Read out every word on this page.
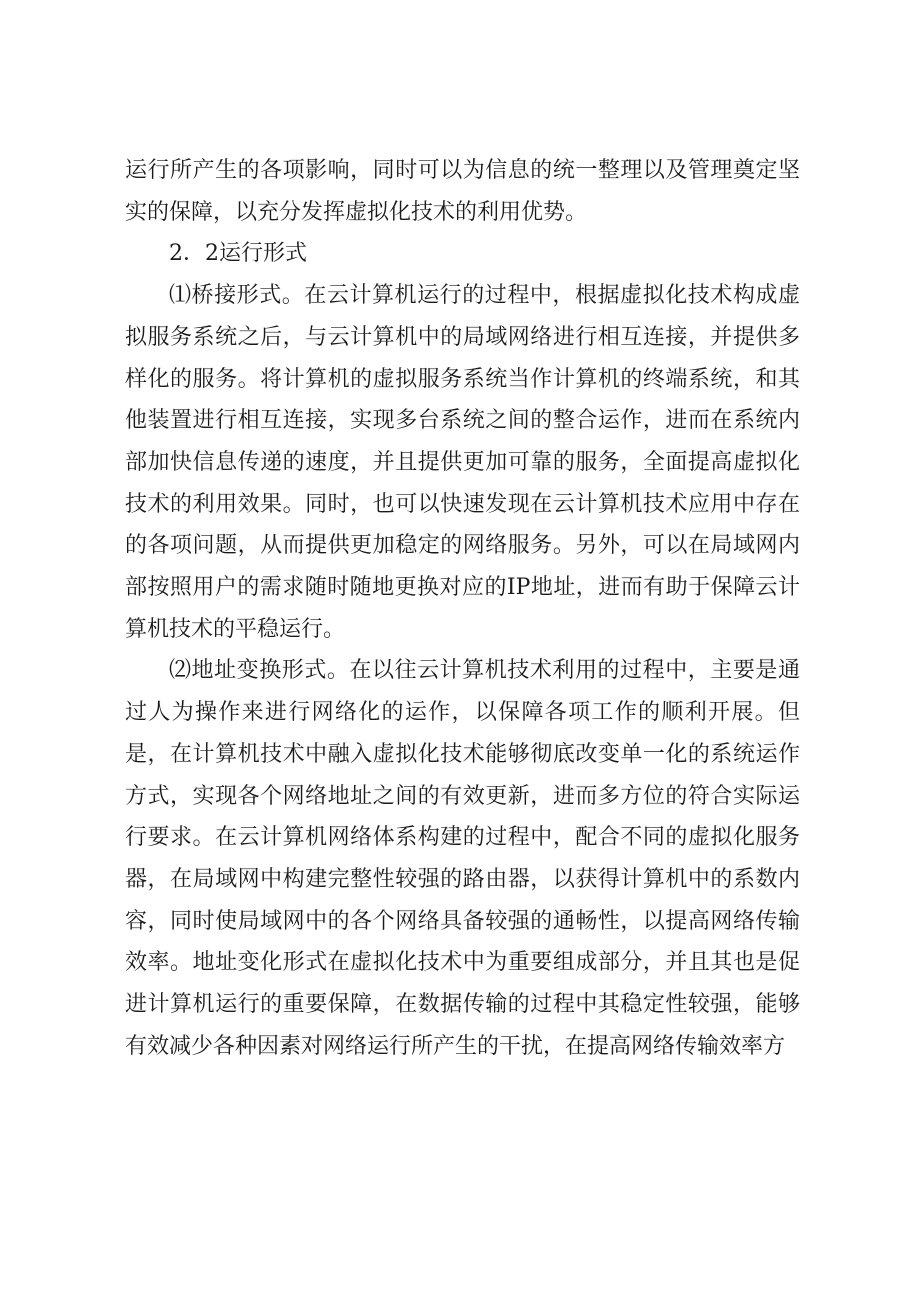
运行所产生的各项影响，同时可以为信息的统一整理以及管理奠定坚实的保障，以充分发挥虚拟化技术的利用优势。

2．2运行形式

⑴桥接形式。在云计算机运行的过程中，根据虚拟化技术构成虚拟服务系统之后，与云计算机中的局域网络进行相互连接，并提供多样化的服务。将计算机的虚拟服务系统当作计算机的终端系统，和其他装置进行相互连接，实现多台系统之间的整合运作，进而在系统内部加快信息传递的速度，并且提供更加可靠的服务，全面提高虚拟化技术的利用效果。同时，也可以快速发现在云计算机技术应用中存在的各项问题，从而提供更加稳定的网络服务。另外，可以在局域网内部按照用户的需求随时随地更换对应的IP地址，进而有助于保障云计算机技术的平稳运行。

⑵地址变换形式。在以往云计算机技术利用的过程中，主要是通过人为操作来进行网络化的运作，以保障各项工作的顺利开展。但是，在计算机技术中融入虚拟化技术能够彻底改变单一化的系统运作方式，实现各个网络地址之间的有效更新，进而多方位的符合实际运行要求。在云计算机网络体系构建的过程中，配合不同的虚拟化服务器，在局域网中构建完整性较强的路由器，以获得计算机中的系数内容，同时使局域网中的各个网络具备较强的通畅性，以提高网络传输效率。地址变化形式在虚拟化技术中为重要组成部分，并且其也是促进计算机运行的重要保障，在数据传输的过程中其稳定性较强，能够有效减少各种因素对网络运行所产生的干扰，在提高网络传输效率方
